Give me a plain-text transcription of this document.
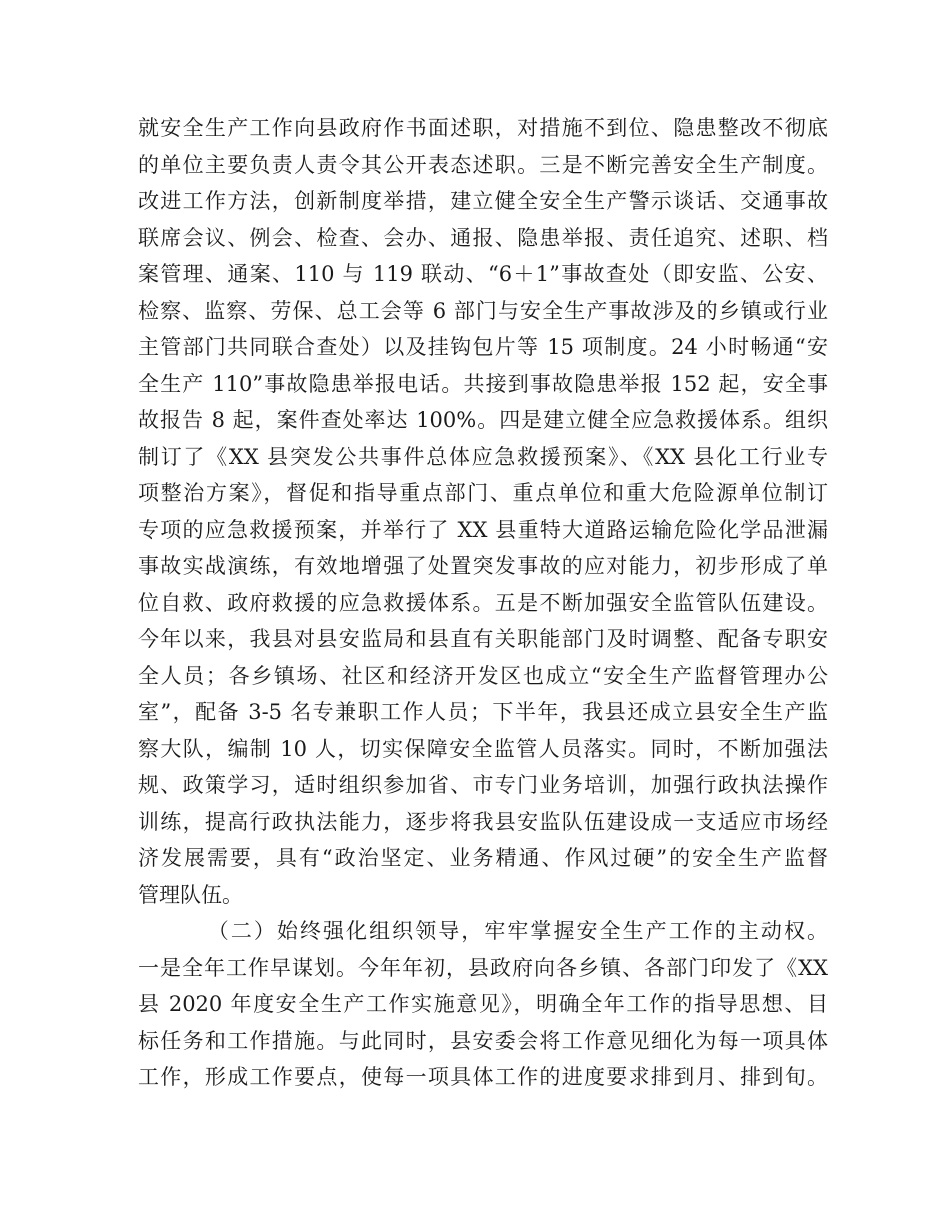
就安全生产工作向县政府作书面述职，对措施不到位、隐患整改不彻底
的单位主要负责人责令其公开表态述职。三是不断完善安全生产制度。
改进工作方法，创新制度举措，建立健全安全生产警示谈话、交通事故
联席会议、例会、检查、会办、通报、隐患举报、责任追究、述职、档
案管理、通案、110 与 119 联动、“6＋1”事故查处（即安监、公安、
检察、监察、劳保、总工会等 6 部门与安全生产事故涉及的乡镇或行业
主管部门共同联合查处）以及挂钩包片等 15 项制度。24 小时畅通“安
全生产 110”事故隐患举报电话。共接到事故隐患举报 152 起，安全事
故报告 8 起，案件查处率达 100%。四是建立健全应急救援体系。组织
制订了《XX 县突发公共事件总体应急救援预案》、《XX 县化工行业专
项整治方案》，督促和指导重点部门、重点单位和重大危险源单位制订
专项的应急救援预案，并举行了 XX 县重特大道路运输危险化学品泄漏
事故实战演练，有效地增强了处置突发事故的应对能力，初步形成了单
位自救、政府救援的应急救援体系。五是不断加强安全监管队伍建设。
今年以来，我县对县安监局和县直有关职能部门及时调整、配备专职安
全人员；各乡镇场、社区和经济开发区也成立“安全生产监督管理办公
室”，配备 3-5 名专兼职工作人员；下半年，我县还成立县安全生产监
察大队，编制 10 人，切实保障安全监管人员落实。同时，不断加强法
规、政策学习，适时组织参加省、市专门业务培训，加强行政执法操作
训练，提高行政执法能力，逐步将我县安监队伍建设成一支适应市场经
济发展需要，具有“政治坚定、业务精通、作风过硬”的安全生产监督
管理队伍。
（二）始终强化组织领导，牢牢掌握安全生产工作的主动权。
一是全年工作早谋划。今年年初，县政府向各乡镇、各部门印发了《XX
县 2020 年度安全生产工作实施意见》，明确全年工作的指导思想、目
标任务和工作措施。与此同时，县安委会将工作意见细化为每一项具体
工作，形成工作要点，使每一项具体工作的进度要求排到月、排到旬。
